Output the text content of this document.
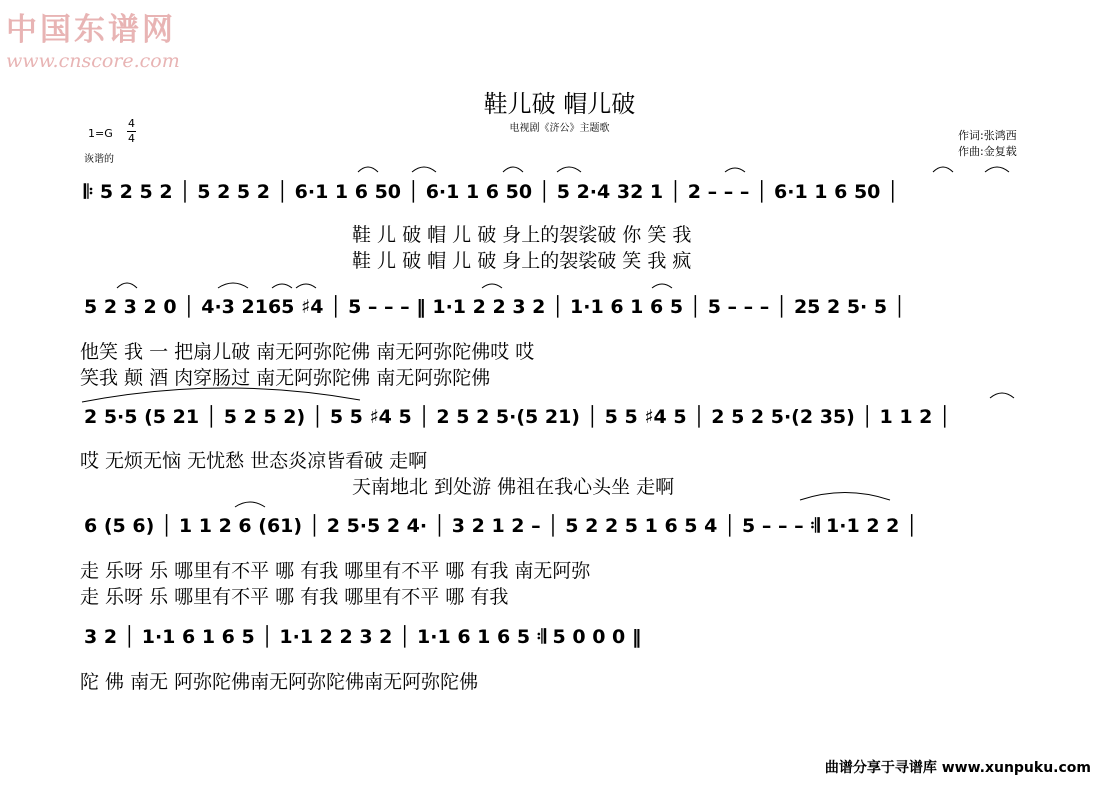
中国东谱网
www.cnscore.com
鞋儿破 帽儿破
电视剧《济公》主题歌
作词:张鸿西
作曲:金复载
1=G
4
4
诙谐的
𝄆 5 2 5 2 │ 5 2 5 2 │ 6·1 1 6 50 │ 6·1 1 6 50 │ 5 2·4 32 1 │ 2 – – – │ 6·1 1 6 50 │
鞋 儿 破 帽 儿 破 身上的袈裟破 你 笑 我
鞋 儿 破 帽 儿 破 身上的袈裟破 笑 我 疯
5 2 3 2 0 │ 4·3 2165 ♯4 │ 5 – – – ‖ 1·1 2 2 3 2 │ 1·1 6 1 6 5 │ 5 – – – │ 25 2 5· 5 │
他笑 我 一 把扇儿破 南无阿弥陀佛 南无阿弥陀佛哎 哎
笑我 颠 酒 肉穿肠过 南无阿弥陀佛 南无阿弥陀佛
2 5·5 (5 21 │ 5 2 5 2) │ 5 5 ♯4 5 │ 2 5 2 5·(5 21) │ 5 5 ♯4 5 │ 2 5 2 5·(2 35) │ 1 1 2 │
哎 无烦无恼 无忧愁 世态炎凉皆看破 走啊
天南地北 到处游 佛祖在我心头坐 走啊
6 (5 6) │ 1 1 2 6 (61) │ 2 5·5 2 4· │ 3 2 1 2 – │ 5 2 2 5 1 6 5 4 │ 5 – – – 𝄇 1·1 2 2 │
走 乐呀 乐 哪里有不平 哪 有我 哪里有不平 哪 有我 南无阿弥
走 乐呀 乐 哪里有不平 哪 有我 哪里有不平 哪 有我
3 2 │ 1·1 6 1 6 5 │ 1·1 2 2 3 2 │ 1·1 6 1 6 5 𝄇 5 0 0 0 ‖
陀 佛 南无 阿弥陀佛南无阿弥陀佛南无阿弥陀佛
曲谱分享于寻谱库 www.xunpuku.com
